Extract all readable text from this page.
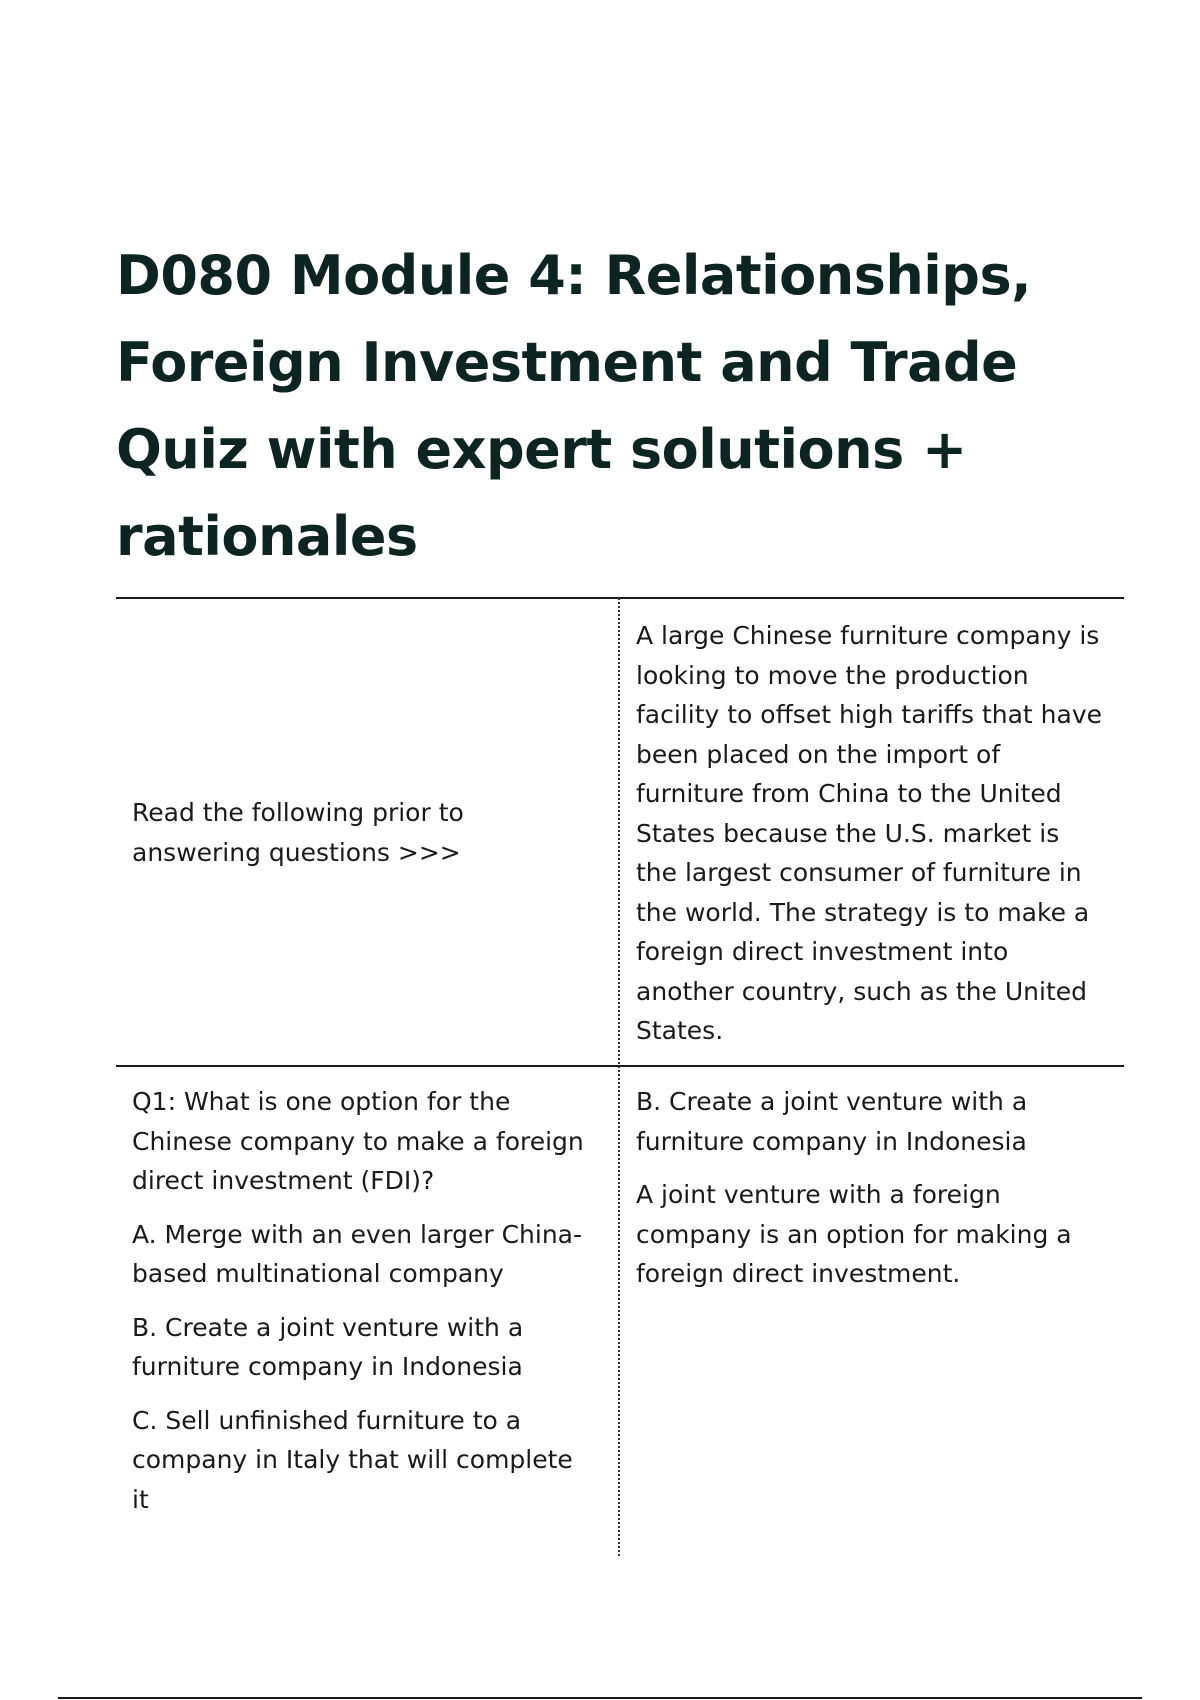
D080 Module 4: Relationships, Foreign Investment and Trade Quiz with expert solutions + rationales

Read the following prior to answering questions >>>

A large Chinese furniture company is looking to move the production facility to offset high tariffs that have been placed on the import of furniture from China to the United States because the U.S. market is the largest consumer of furniture in the world. The strategy is to make a foreign direct investment into another country, such as the United States.

Q1: What is one option for the Chinese company to make a foreign direct investment (FDI)?

A. Merge with an even larger China-based multinational company

B. Create a joint venture with a furniture company in Indonesia

C. Sell unfinished furniture to a company in Italy that will complete it

B. Create a joint venture with a furniture company in Indonesia

A joint venture with a foreign company is an option for making a foreign direct investment.
